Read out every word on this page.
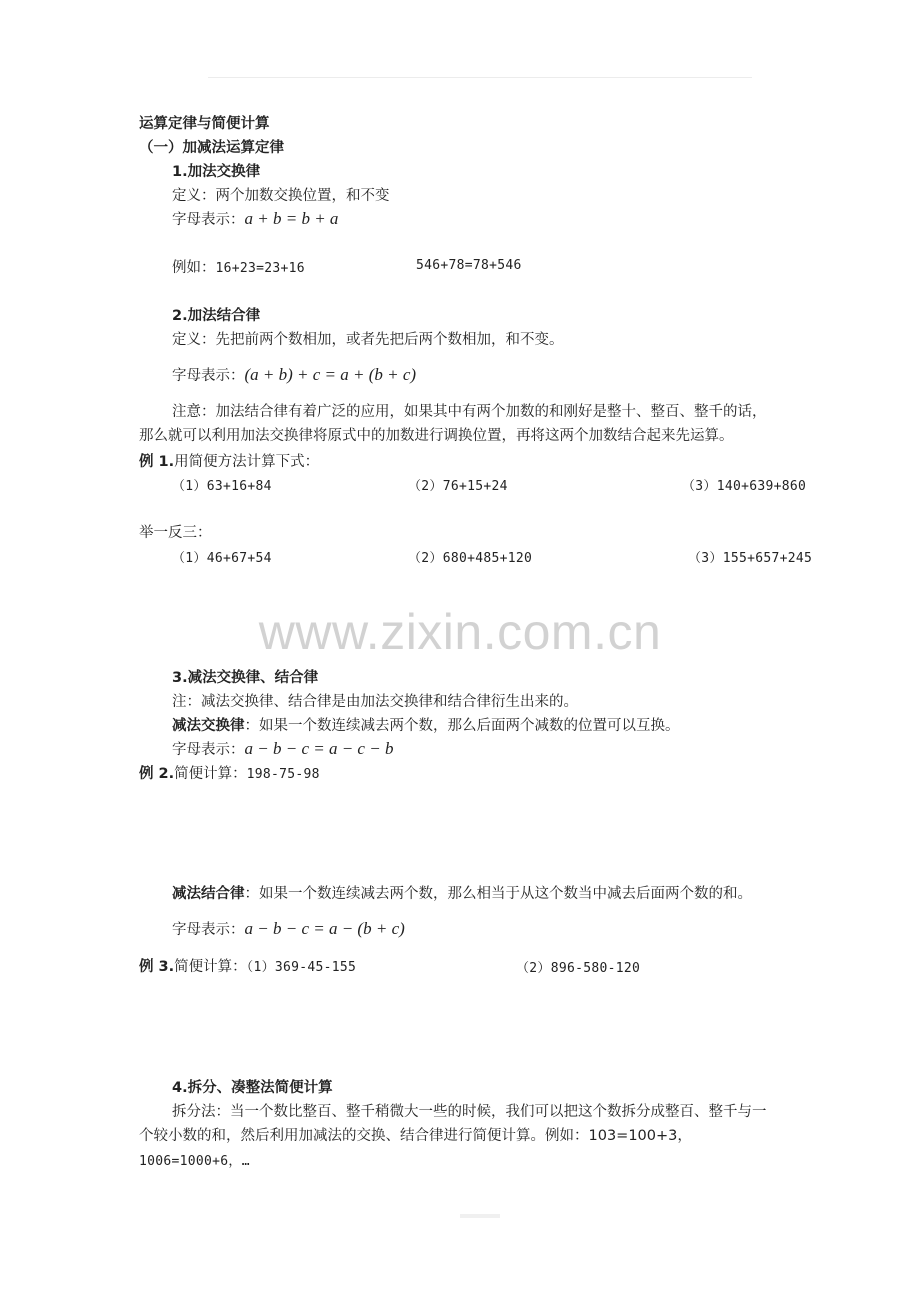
运算定律与简便计算
（一）加减法运算定律
1.加法交换律
定义：两个加数交换位置，和不变
字母表示：a + b = b + a
例如：16+23=23+16	546+78=78+546
2.加法结合律
定义：先把前两个数相加，或者先把后两个数相加，和不变。
字母表示：(a + b) + c = a + (b + c)
注意：加法结合律有着广泛的应用，如果其中有两个加数的和刚好是整十、整百、整千的话，
那么就可以利用加法交换律将原式中的加数进行调换位置，再将这两个加数结合起来先运算。
例 1.用简便方法计算下式：
（1）63+16+84	（2）76+15+24	（3）140+639+860
举一反三：
（1）46+67+54	（2）680+485+120	（3）155+657+245
www.zixin.com.cn
3.减法交换律、结合律
注：减法交换律、结合律是由加法交换律和结合律衍生出来的。
减法交换律：如果一个数连续减去两个数，那么后面两个减数的位置可以互换。
字母表示：a − b − c = a − c − b
例 2.简便计算：198-75-98
减法结合律：如果一个数连续减去两个数，那么相当于从这个数当中减去后面两个数的和。
字母表示：a − b − c = a − (b + c)
例 3.简便计算：（1）369-45-155	（2）896-580-120
4.拆分、凑整法简便计算
拆分法：当一个数比整百、整千稍微大一些的时候，我们可以把这个数拆分成整百、整千与一
个较小数的和，然后利用加减法的交换、结合律进行简便计算。例如：103=100+3，
1006=1000+6，…
